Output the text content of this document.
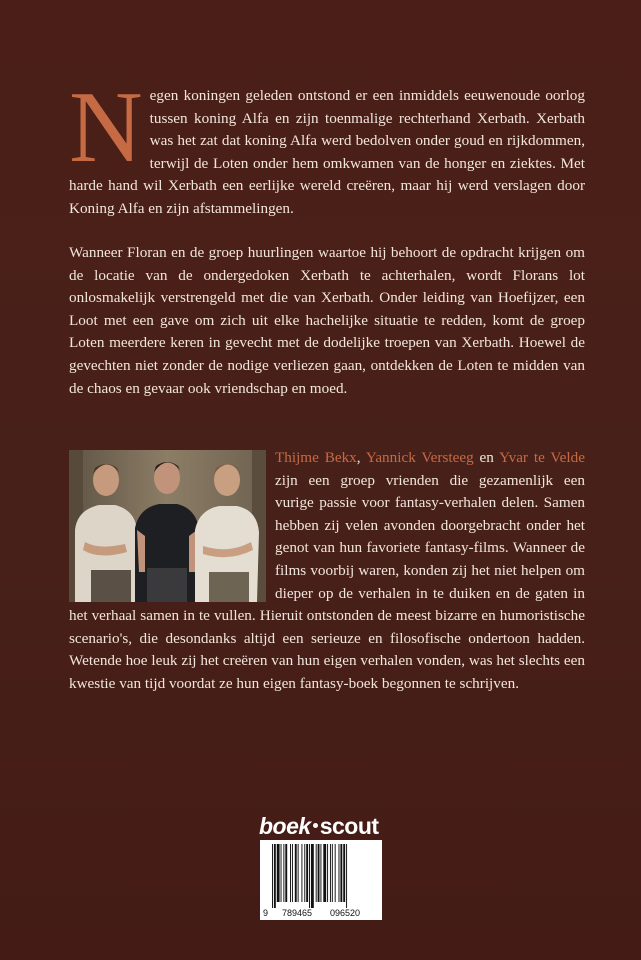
Negen koningen geleden ontstond er een inmiddels eeuwenoude oorlog tussen koning Alfa en zijn toenmalige rechterhand Xerbath. Xerbath was het zat dat koning Alfa werd bedolven onder goud en rijkdommen, terwijl de Loten onder hem omkwamen van de honger en ziektes. Met harde hand wil Xerbath een eerlijke wereld creëren, maar hij werd verslagen door Koning Alfa en zijn afstammelingen.

Wanneer Floran en de groep huurlingen waartoe hij behoort de opdracht krijgen om de locatie van de ondergedoken Xerbath te achterhalen, wordt Florans lot onlosmakelijk verstrengeld met die van Xerbath. Onder leiding van Hoefijzer, een Loot met een gave om zich uit elke hachelijke situatie te redden, komt de groep Loten meerdere keren in gevecht met de dodelijke troepen van Xerbath. Hoewel de gevechten niet zonder de nodige verliezen gaan, ontdekken de Loten te midden van de chaos en gevaar ook vriendschap en moed.

Thijme Bekx, Yannick Versteeg en Yvar te Velde zijn een groep vrienden die gezamenlijk een vurige passie voor fantasy-verhalen delen. Samen hebben zij velen avonden doorgebracht onder het genot van hun favoriete fantasy-films. Wanneer de films voorbij waren, konden zij het niet helpen om dieper op de verhalen in te duiken en de gaten in het verhaal samen in te vullen. Hieruit ontstonden de meest bizarre en humoristische scenario's, die desondanks altijd een serieuze en filosofische ondertoon hadden. Wetende hoe leuk zij het creëren van hun eigen verhalen vonden, was het slechts een kwestie van tijd voordat ze hun eigen fantasy-boek begonnen te schrijven.
boek scout
9 789465 096520
